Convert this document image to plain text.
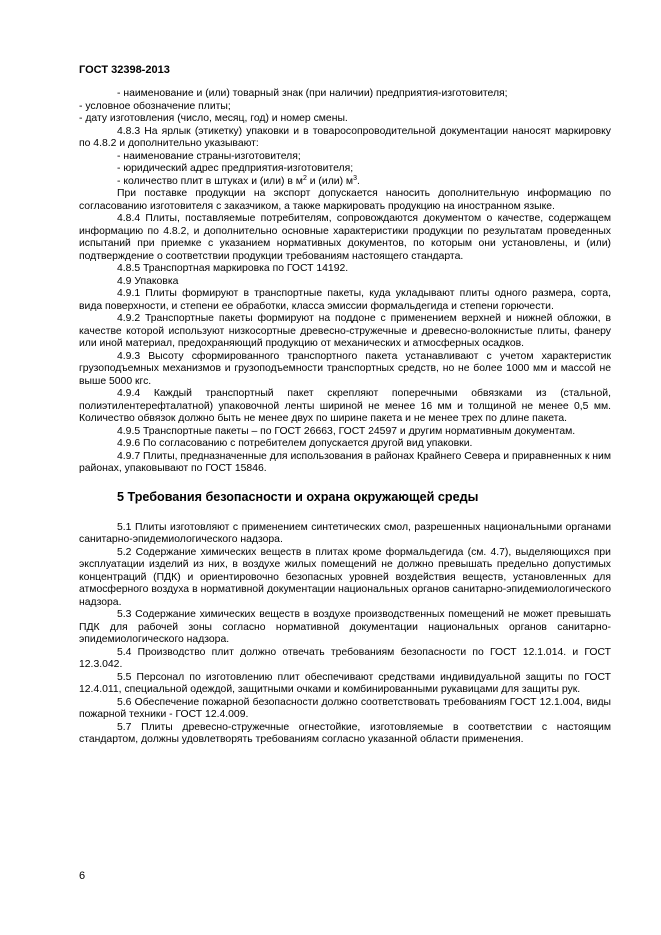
ГОСТ 32398-2013

- наименование и (или) товарный знак (при наличии) предприятия-изготовителя;

- условное обозначение плиты;

- дату изготовления (число, месяц, год) и номер смены.

4.8.3 На ярлык (этикетку) упаковки и в товаросопроводительной документации наносят маркировку по 4.8.2 и дополнительно указывают:

- наименование страны-изготовителя;

- юридический адрес предприятия-изготовителя;

- количество плит в штуках и (или) в $м^2$ и (или) $м^3$.

При поставке продукции на экспорт допускается наносить дополнительную информацию по согласованию изготовителя с заказчиком, а также маркировать продукцию на иностранном языке.

4.8.4 Плиты, поставляемые потребителям, сопровождаются документом о качестве, содержащем информацию по 4.8.2, и дополнительно основные характеристики продукции по результатам проведенных испытаний при приемке с указанием нормативных документов, по которым они установлены, и (или) подтверждение о соответствии продукции требованиям настоящего стандарта.

4.8.5 Транспортная маркировка по ГОСТ 14192.

4.9 Упаковка

4.9.1 Плиты формируют в транспортные пакеты, куда укладывают плиты одного размера, сорта, вида поверхности, и степени ее обработки, класса эмиссии формальдегида и степени горючести.

4.9.2 Транспортные пакеты формируют на поддоне с применением верхней и нижней обложки, в качестве которой используют низкосортные древесно-стружечные и древесно-волокнистые плиты, фанеру или иной материал, предохраняющий продукцию от механических и атмосферных осадков.

4.9.3 Высоту сформированного транспортного пакета устанавливают с учетом характеристик грузоподъемных механизмов и грузоподъемности транспортных средств, но не более 1000 мм и массой не выше 5000 кгс.

4.9.4 Каждый транспортный пакет скрепляют поперечными обвязками из (стальной, полиэтилентерефталатной) упаковочной ленты шириной не менее 16 мм и толщиной не менее 0,5 мм. Количество обвязок должно быть не менее двух по ширине пакета и не менее трех по длине пакета.

4.9.5 Транспортные пакеты – по ГОСТ 26663, ГОСТ 24597 и другим нормативным документам.

4.9.6 По согласованию с потребителем допускается другой вид упаковки.

4.9.7 Плиты, предназначенные для использования в районах Крайнего Севера и приравненных к ним районах, упаковывают по ГОСТ 15846.

5 Требования безопасности и охрана окружающей среды

5.1 Плиты изготовляют с применением синтетических смол, разрешенных национальными органами санитарно-эпидемиологического надзора.

5.2 Содержание химических веществ в плитах кроме формальдегида (см. 4.7), выделяющихся при эксплуатации изделий из них, в воздухе жилых помещений не должно превышать предельно допустимых концентраций (ПДК) и ориентировочно безопасных уровней воздействия веществ, установленных для атмосферного воздуха в нормативной документации национальных органов санитарно-эпидемиологического надзора.

5.3 Содержание химических веществ в воздухе производственных помещений не может превышать ПДК для рабочей зоны согласно нормативной документации национальных органов санитарно-эпидемиологического надзора.

5.4 Производство плит должно отвечать требованиям безопасности по ГОСТ 12.1.014. и ГОСТ 12.3.042.

5.5 Персонал по изготовлению плит обеспечивают средствами индивидуальной защиты по ГОСТ 12.4.011, специальной одеждой, защитными очками и комбинированными рукавицами для защиты рук.

5.6 Обеспечение пожарной безопасности должно соответствовать требованиям ГОСТ 12.1.004, виды пожарной техники - ГОСТ 12.4.009.

5.7 Плиты древесно-стружечные огнестойкие, изготовляемые в соответствии с настоящим стандартом, должны удовлетворять требованиям согласно указанной области применения.

6
